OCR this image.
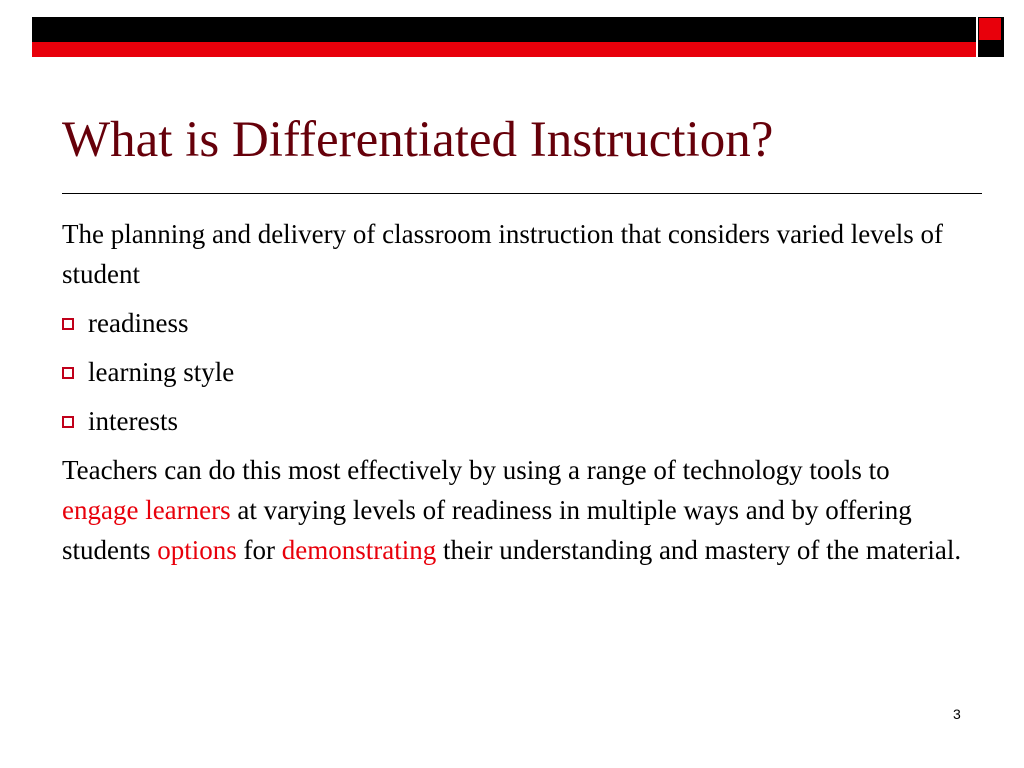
What is Differentiated Instruction?

The planning and delivery of classroom instruction that considers varied levels of student

readiness
learning style
interests

Teachers can do this most effectively by using a range of technology tools to engage learners at varying levels of readiness in multiple ways and by offering students options for demonstrating their understanding and mastery of the material.

3
